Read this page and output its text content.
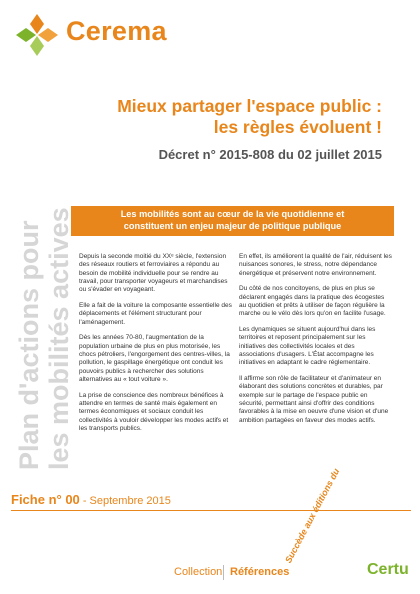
Cerema
Mieux partager l'espace public :
les règles évoluent !
Décret n° 2015-808 du 02 juillet 2015
Les mobilités sont au cœur de la vie quotidienne et
constituent un enjeu majeur de politique publique

Depuis la seconde moitié du XXᵉ siècle, l'extension des réseaux routiers et ferroviaires a répondu au besoin de mobilité individuelle pour se rendre au travail, pour transporter voyageurs et marchandises ou s'évader en voyageant.

Elle a fait de la voiture la composante essentielle des déplacements et l'élément structurant pour l'aménagement.

Dès les années 70-80, l'augmentation de la population urbaine de plus en plus motorisée, les chocs pétroliers, l'engorgement des centres-villes, la pollution, le gaspillage énergétique ont conduit les pouvoirs publics à rechercher des solutions alternatives au « tout voiture ».

La prise de conscience des nombreux bénéfices à attendre en termes de santé mais également en termes économiques et sociaux conduit les collectivités à vouloir développer les modes actifs et les transports publics.

En effet, ils améliorent la qualité de l'air, réduisent les nuisances sonores, le stress, notre dépendance énergétique et préservent notre environnement.

Du côté de nos concitoyens, de plus en plus se déclarent engagés dans la pratique des écogestes au quotidien et prêts à utiliser de façon régulière la marche ou le vélo dès lors qu'on en facilite l'usage.

Les dynamiques se situent aujourd'hui dans les territoires et reposent principalement sur les initiatives des collectivités locales et des associations d'usagers. L'État accompagne les initiatives en adaptant le cadre réglementaire.

Il affirme son rôle de facilitateur et d'animateur en élaborant des solutions concrètes et durables, par exemple sur le partage de l'espace public en sécurité, permettant ainsi d'offrir des conditions favorables à la mise en oeuvre d'une vision et d'une ambition partagées en faveur des modes actifs.

Plan d'actions pour les mobilités actives
Fiche n° 00 - Septembre 2015	Succède aux éditions du
Collection Références	Certu
